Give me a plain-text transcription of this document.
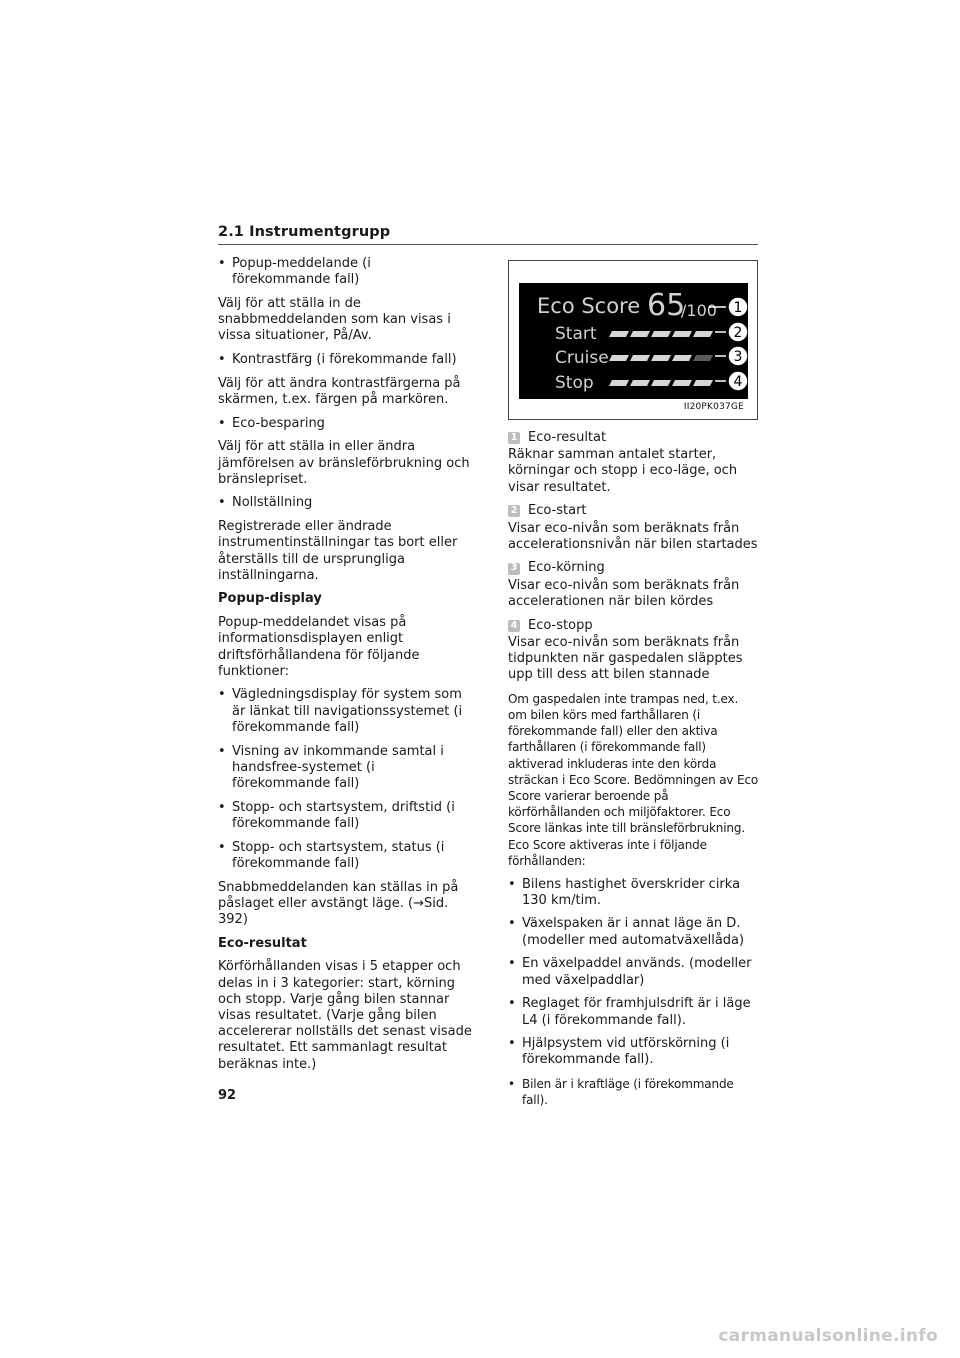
2.1 Instrumentgrupp
• Popup-meddelande (i förekommande fall)

Välj för att ställa in de snabbmeddelanden som kan visas i vissa situationer, På/Av.

• Kontrastfärg (i förekommande fall)

Välj för att ändra kontrastfärgerna på skärmen, t.ex. färgen på markören.

• Eco-besparing

Välj för att ställa in eller ändra jämförelsen av bränsleförbrukning och bränslepriset.

• Nollställning

Registrerade eller ändrade instrumentinställningar tas bort eller återställs till de ursprungliga inställningarna.

Popup-display

Popup-meddelandet visas på informationsdisplayen enligt driftsförhållandena för följande funktioner:

• Vägledningsdisplay för system som är länkat till navigationssystemet (i förekommande fall)
• Visning av inkommande samtal i handsfree-systemet (i förekommande fall)
• Stopp- och startsystem, driftstid (i förekommande fall)
• Stopp- och startsystem, status (i förekommande fall)

Snabbmeddelanden kan ställas in på påslaget eller avstängt läge. (→Sid. 392)

Eco-resultat

Körförhållanden visas i 5 etapper och delas in i 3 kategorier: start, körning och stopp. Varje gång bilen stannar visas resultatet. (Varje gång bilen accelererar nollställs det senast visade resultatet. Ett sammanlagt resultat beräknas inte.)

Eco Score 65
/100
Start
Cruise
Stop
1
2
3
4
II20PK037GE
1 Eco-resultat

Räknar samman antalet starter, körningar och stopp i eco-läge, och visar resultatet.

2 Eco-start

Visar eco-nivån som beräknats från accelerationsnivån när bilen startades

3 Eco-körning

Visar eco-nivån som beräknats från accelerationen när bilen kördes

4 Eco-stopp

Visar eco-nivån som beräknats från tidpunkten när gaspedalen släpptes upp till dess att bilen stannade

Om gaspedalen inte trampas ned, t.ex. om bilen körs med farthållaren (i förekommande fall) eller den aktiva farthållaren (i förekommande fall) aktiverad inkluderas inte den körda sträckan i Eco Score. Bedömningen av Eco Score varierar beroende på körförhållanden och miljöfaktorer. Eco Score länkas inte till bränsleförbrukning. Eco Score aktiveras inte i följande förhållanden:

• Bilens hastighet överskrider cirka 130 km/tim.
• Växelspaken är i annat läge än D. (modeller med automatväxellåda)
• En växelpaddel används. (modeller med växelpaddlar)
• Reglaget för framhjulsdrift är i läge L4 (i förekommande fall).
• Hjälpsystem vid utförskörning (i förekommande fall).
• Bilen är i kraftläge (i förekommande fall).
92
carmanualsonline.info
